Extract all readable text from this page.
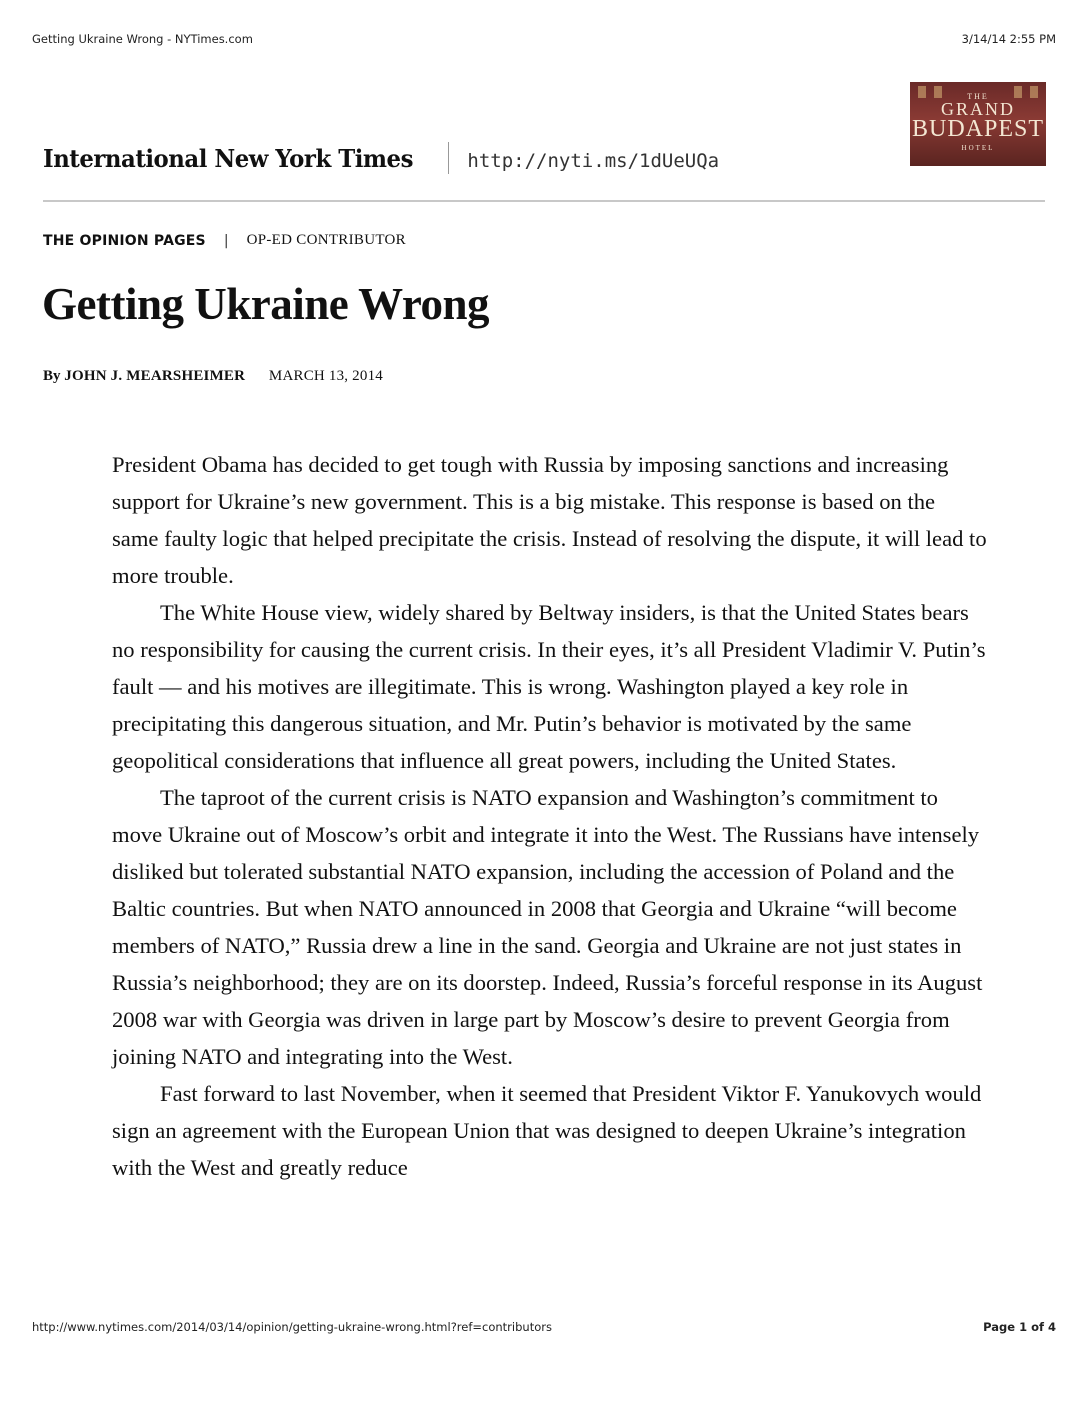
Getting Ukraine Wrong - NYTimes.com	3/14/14 2:55 PM
International New York Times	http://nyti.ms/1dUeUQa
THE
GRAND
BUDAPEST
HOTEL
THE OPINION PAGES | OP-ED CONTRIBUTOR
Getting Ukraine Wrong
By JOHN J. MEARSHEIMER MARCH 13, 2014

President Obama has decided to get tough with Russia by imposing sanctions and increasing support for Ukraine’s new government. This is a big mistake. This response is based on the same faulty logic that helped precipitate the crisis. Instead of resolving the dispute, it will lead to more trouble.

The White House view, widely shared by Beltway insiders, is that the United States bears no responsibility for causing the current crisis. In their eyes, it’s all President Vladimir V. Putin’s fault — and his motives are illegitimate. This is wrong. Washington played a key role in precipitating this dangerous situation, and Mr. Putin’s behavior is motivated by the same geopolitical considerations that influence all great powers, including the United States.

The taproot of the current crisis is NATO expansion and Washington’s commitment to move Ukraine out of Moscow’s orbit and integrate it into the West. The Russians have intensely disliked but tolerated substantial NATO expansion, including the accession of Poland and the Baltic countries. But when NATO announced in 2008 that Georgia and Ukraine “will become members of NATO,” Russia drew a line in the sand. Georgia and Ukraine are not just states in Russia’s neighborhood; they are on its doorstep. Indeed, Russia’s forceful response in its August 2008 war with Georgia was driven in large part by Moscow’s desire to prevent Georgia from joining NATO and integrating into the West.

Fast forward to last November, when it seemed that President Viktor F. Yanukovych would sign an agreement with the European Union that was designed to deepen Ukraine’s integration with the West and greatly reduce

http://www.nytimes.com/2014/03/14/opinion/getting-ukraine-wrong.html?ref=contributors	Page 1 of 4
